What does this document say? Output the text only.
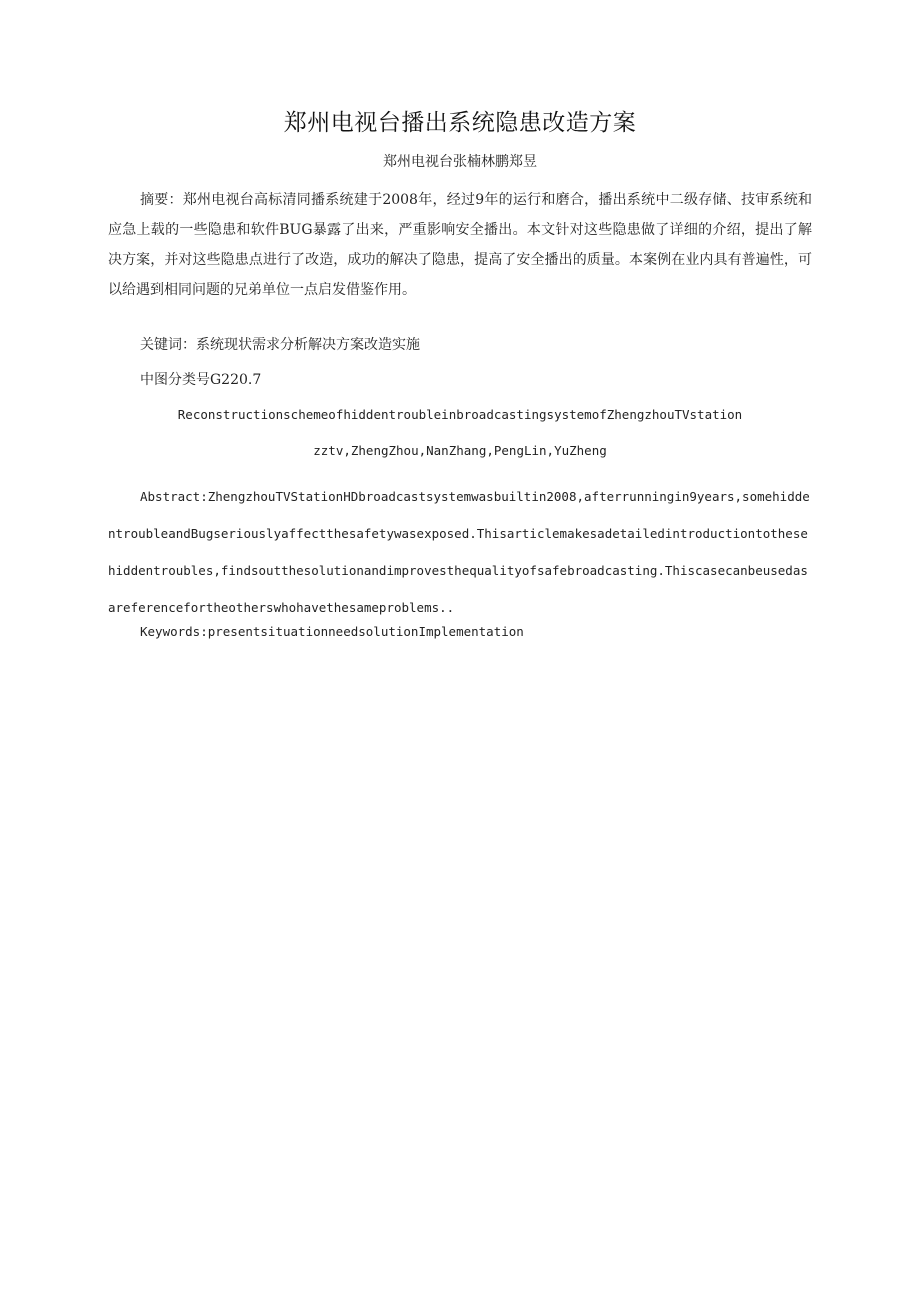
郑州电视台播出系统隐患改造方案
郑州电视台张楠林鹏郑昱
摘要：郑州电视台高标清同播系统建于2008年，经过9年的运行和磨合，播出系统中二级存储、技审系统和应急上载的一些隐患和软件BUG暴露了出来，严重影响安全播出。本文针对这些隐患做了详细的介绍，提出了解决方案，并对这些隐患点进行了改造，成功的解决了隐患，提高了安全播出的质量。本案例在业内具有普遍性，可以给遇到相同问题的兄弟单位一点启发借鉴作用。
关键词：系统现状需求分析解决方案改造实施
中图分类号G220.7
ReconstructionschemeofhiddentroubleinbroadcastingsystemofZhengzhouTVstation
zztv,ZhengZhou,NanZhang,PengLin,YuZheng
Abstract:ZhengzhouTVStationHDbroadcastsystemwasbuiltin2008,afterrunningin9years,somehiddentroubleandBugseriouslyaffectthesafetywasexposed.Thisarticlemakesadetailedintroductiontothesehiddentroubles,findsoutthesolutionandimprovesthequalityofsafebroadcasting.Thiscasecanbeusedasareferencefortheotherswhohavethesameproblems..
Keywords:presentsituationneedsolutionImplementation
